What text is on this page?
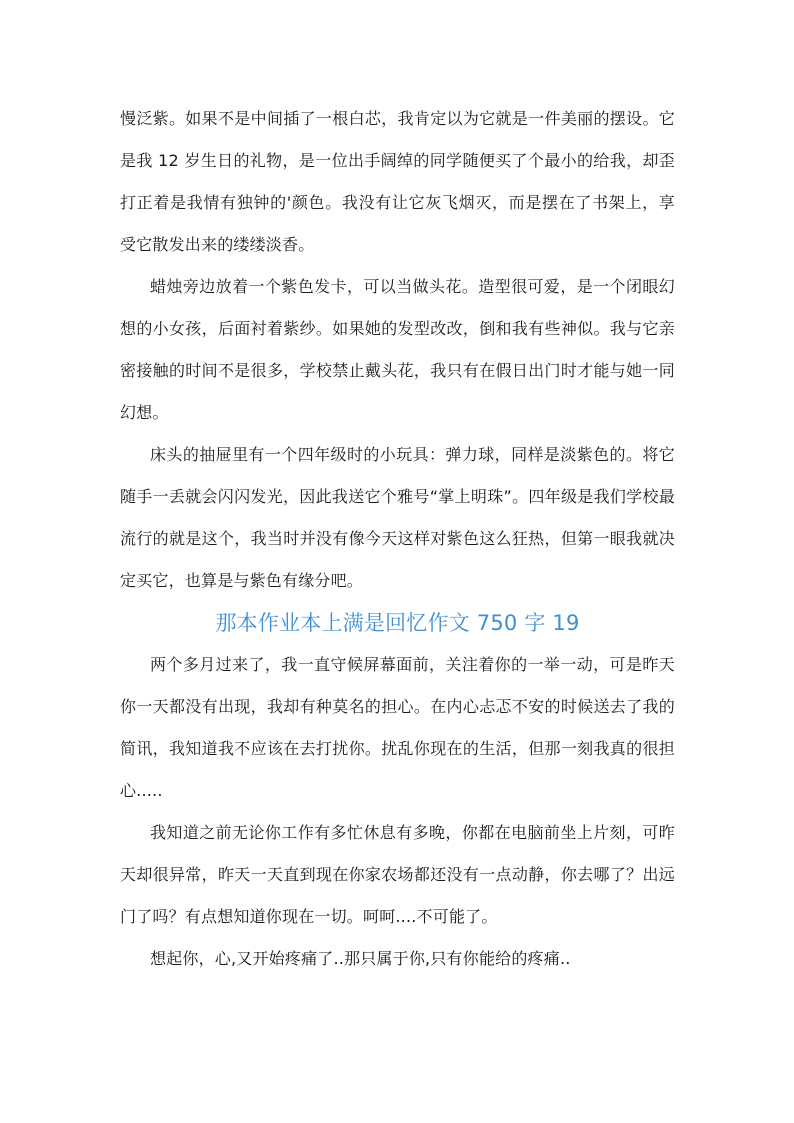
慢泛紫。如果不是中间插了一根白芯，我肯定以为它就是一件美丽的摆设。它是我 12 岁生日的礼物，是一位出手阔绰的同学随便买了个最小的给我，却歪打正着是我情有独钟的'颜色。我没有让它灰飞烟灭，而是摆在了书架上，享受它散发出来的缕缕淡香。

蜡烛旁边放着一个紫色发卡，可以当做头花。造型很可爱，是一个闭眼幻想的小女孩，后面衬着紫纱。如果她的发型改改，倒和我有些神似。我与它亲密接触的时间不是很多，学校禁止戴头花，我只有在假日出门时才能与她一同幻想。

床头的抽屉里有一个四年级时的小玩具：弹力球，同样是淡紫色的。将它随手一丢就会闪闪发光，因此我送它个雅号“掌上明珠”。四年级是我们学校最流行的就是这个，我当时并没有像今天这样对紫色这么狂热，但第一眼我就决定买它，也算是与紫色有缘分吧。

那本作业本上满是回忆作文 750 字 19

两个多月过来了，我一直守候屏幕面前，关注着你的一举一动，可是昨天你一天都没有出现，我却有种莫名的担心。在内心忐忑不安的时候送去了我的简讯，我知道我不应该在去打扰你。扰乱你现在的生活，但那一刻我真的很担心.....

我知道之前无论你工作有多忙休息有多晚，你都在电脑前坐上片刻，可昨天却很异常，昨天一天直到现在你家农场都还没有一点动静，你去哪了？出远门了吗？有点想知道你现在一切。呵呵....不可能了。

想起你，心,又开始疼痛了..那只属于你,只有你能给的疼痛..
